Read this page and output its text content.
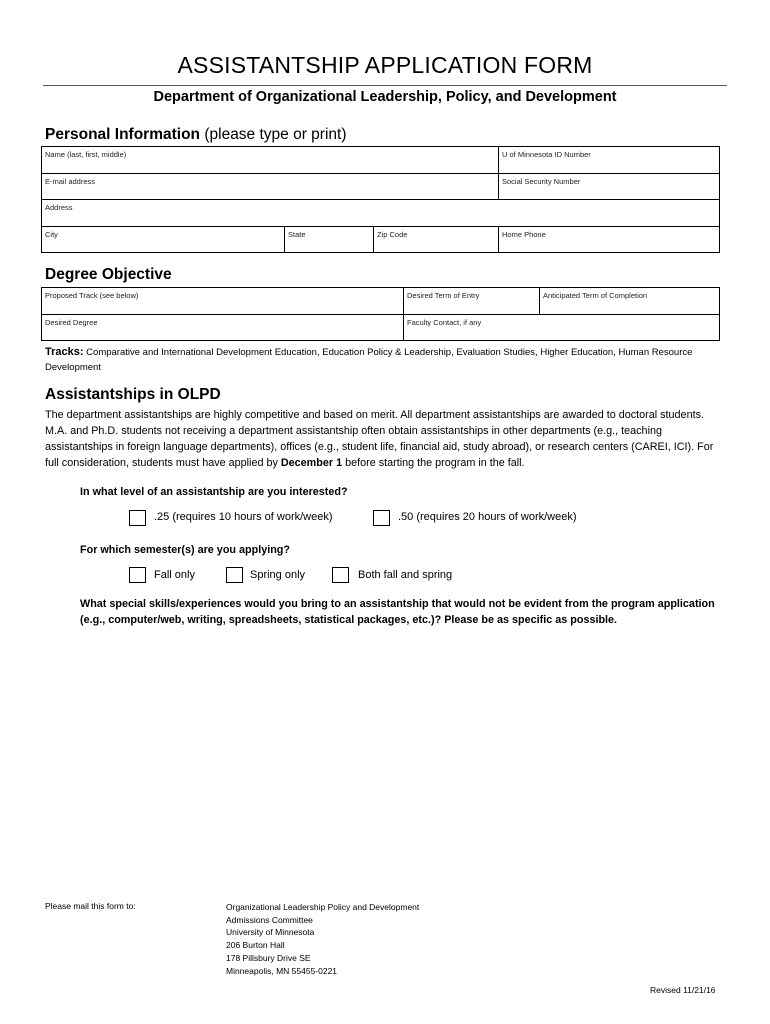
ASSISTANTSHIP APPLICATION FORM
Department of Organizational Leadership, Policy, and Development
Personal Information (please type or print)
Name (last, first, middle)			U of Minnesota ID Number
E-mail address			Social Security Number
Address			
City	State	Zip Code	Home Phone
Degree Objective
Proposed Track (see below)	Desired Term of Entry	Anticipated Term of Completion
Desired Degree	Faculty Contact, if any	
Tracks: Comparative and International Development Education, Education Policy & Leadership, Evaluation Studies, Higher Education, Human Resource Development
Assistantships in OLPD
The department assistantships are highly competitive and based on merit. All department assistantships are awarded to doctoral students. M.A. and Ph.D. students not receiving a department assistantship often obtain assistantships in other departments (e.g., teaching assistantships in foreign language departments), offices (e.g., student life, financial aid, study abroad), or research centers (CAREI, ICI). For full consideration, students must have applied by December 1 before starting the program in the fall.
In what level of an assistantship are you interested?
.25 (requires 10 hours of work/week)	.50 (requires 20 hours of work/week)
For which semester(s) are you applying?
Fall only	Spring only	Both fall and spring
What special skills/experiences would you bring to an assistantship that would not be evident from the program application (e.g., computer/web, writing, spreadsheets, statistical packages, etc.)? Please be as specific as possible.
Please mail this form to:	Organizational Leadership Policy and Development
Admissions Committee
University of Minnesota
206 Burton Hall
178 Pillsbury Drive SE
Minneapolis, MN 55455-0221
Revised 11/21/16
